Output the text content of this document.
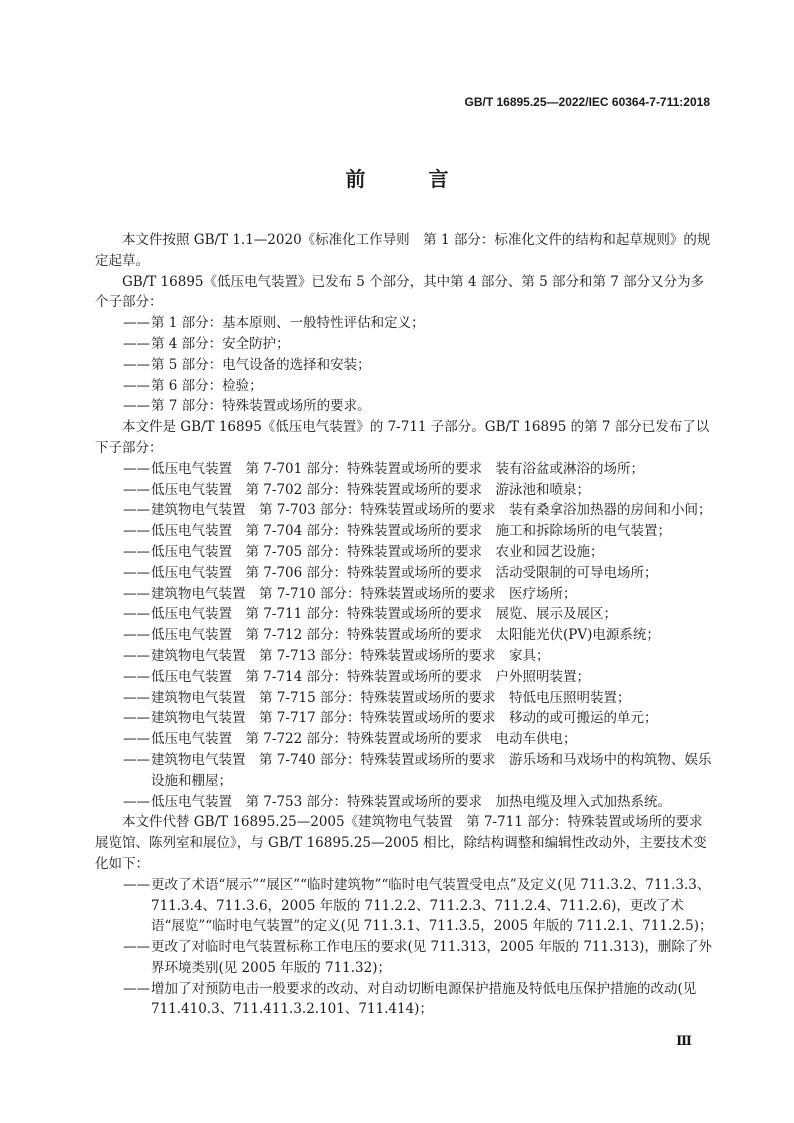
GB/T 16895.25—2022/IEC 60364-7-711:2018
前 言

本文件按照 GB/T 1.1—2020《标准化工作导则　第 1 部分：标准化文件的结构和起草规则》的规定起草。

GB/T 16895《低压电气装置》已发布 5 个部分，其中第 4 部分、第 5 部分和第 7 部分又分为多个子部分：

—— 第 1 部分：基本原则、一般特性评估和定义；

—— 第 4 部分：安全防护；

—— 第 5 部分：电气设备的选择和安装；

—— 第 6 部分：检验；

—— 第 7 部分：特殊装置或场所的要求。

本文件是 GB/T 16895《低压电气装置》的 7-711 子部分。GB/T 16895 的第 7 部分已发布了以下子部分：

—— 低压电气装置　第 7-701 部分：特殊装置或场所的要求　装有浴盆或淋浴的场所；

—— 低压电气装置　第 7-702 部分：特殊装置或场所的要求　游泳池和喷泉；

—— 建筑物电气装置　第 7-703 部分：特殊装置或场所的要求　装有桑拿浴加热器的房间和小间；

—— 低压电气装置　第 7-704 部分：特殊装置或场所的要求　施工和拆除场所的电气装置；

—— 低压电气装置　第 7-705 部分：特殊装置或场所的要求　农业和园艺设施；

—— 低压电气装置　第 7-706 部分：特殊装置或场所的要求　活动受限制的可导电场所；

—— 建筑物电气装置　第 7-710 部分：特殊装置或场所的要求　医疗场所；

—— 低压电气装置　第 7-711 部分：特殊装置或场所的要求　展览、展示及展区；

—— 低压电气装置　第 7-712 部分：特殊装置或场所的要求　太阳能光伏(PV)电源系统；

—— 建筑物电气装置　第 7-713 部分：特殊装置或场所的要求　家具；

—— 低压电气装置　第 7-714 部分：特殊装置或场所的要求　户外照明装置；

—— 建筑物电气装置　第 7-715 部分：特殊装置或场所的要求　特低电压照明装置；

—— 建筑物电气装置　第 7-717 部分：特殊装置或场所的要求　移动的或可搬运的单元；

—— 低压电气装置　第 7-722 部分：特殊装置或场所的要求　电动车供电；

—— 建筑物电气装置　第 7-740 部分：特殊装置或场所的要求　游乐场和马戏场中的构筑物、娱乐设施和棚屋；

—— 低压电气装置　第 7-753 部分：特殊装置或场所的要求　加热电缆及埋入式加热系统。

本文件代替 GB/T 16895.25—2005《建筑物电气装置　第 7-711 部分：特殊装置或场所的要求　展览馆、陈列室和展位》，与 GB/T 16895.25—2005 相比，除结构调整和编辑性改动外，主要技术变化如下：

—— 更改了术语“展示”“展区”“临时建筑物”“临时电气装置受电点”及定义(见 711.3.2、711.3.3、711.3.4、711.3.6，2005 年版的 711.2.2、711.2.3、711.2.4、711.2.6)，更改了术语“展览”“临时电气装置”的定义(见 711.3.1、711.3.5，2005 年版的 711.2.1、711.2.5)；

—— 更改了对临时电气装置标称工作电压的要求(见 711.313，2005 年版的 711.313)，删除了外界环境类别(见 2005 年版的 711.32)；

—— 增加了对预防电击一般要求的改动、对自动切断电源保护措施及特低电压保护措施的改动(见 711.410.3、711.411.3.2.101、711.414)；

Ⅲ
